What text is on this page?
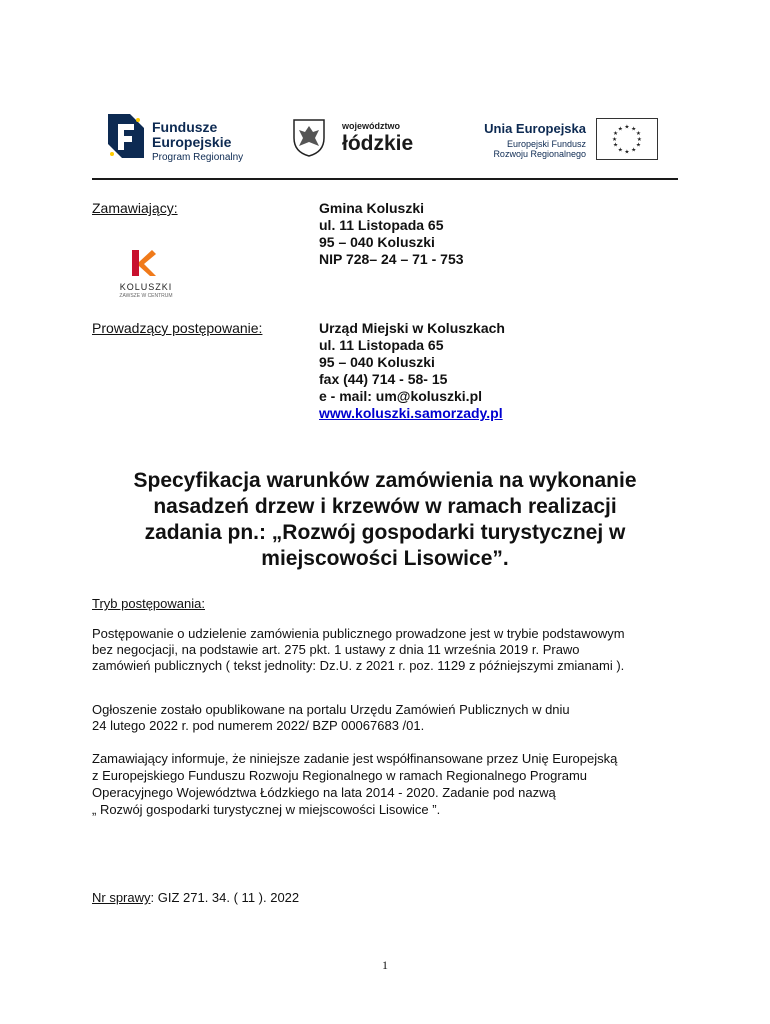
Fundusze
Europejskie
Program Regionalny
województwo
łódzkie
Unia Europejska
Europejski Fundusz
Rozwoju Regionalnego
★ ★
★
★
★
★
★
★
★
★
★
★
Zamawiający:	Gmina Koluszki
ul. 11 Listopada 65
95 – 040 Koluszki
NIP 728– 24 – 71 - 753
KOLUSZKI
ZAWSZE W CENTRUM
Prowadzący postępowanie:	Urząd Miejski w Koluszkach
ul. 11 Listopada 65
95 – 040 Koluszki
fax (44) 714 - 58- 15
e - mail: um@koluszki.pl
www.koluszki.samorzady.pl
Specyfikacja warunków zamówienia na wykonanie
nasadzeń drzew i krzewów w ramach realizacji
zadania pn.: „Rozwój gospodarki turystycznej w
miejscowości Lisowice”.
Tryb postępowania:

Postępowanie o udzielenie zamówienia publicznego prowadzone jest w trybie podstawowym

bez negocjacji, na podstawie art. 275 pkt. 1 ustawy z dnia 11 września 2019 r. Prawo

zamówień publicznych ( tekst jednolity: Dz.U. z 2021 r. poz. 1129 z późniejszymi zmianami ).

Ogłoszenie zostało opublikowane na portalu Urzędu Zamówień Publicznych w dniu

24 lutego 2022 r. pod numerem 2022/ BZP 00067683 /01.

Zamawiający informuje, że niniejsze zadanie jest współfinansowane przez Unię Europejską

z Europejskiego Funduszu Rozwoju Regionalnego w ramach Regionalnego Programu

Operacyjnego Województwa Łódzkiego na lata 2014 - 2020. Zadanie pod nazwą

„ Rozwój gospodarki turystycznej w miejscowości Lisowice ”.

Nr sprawy: GIZ 271. 34. ( 11 ). 2022
1
